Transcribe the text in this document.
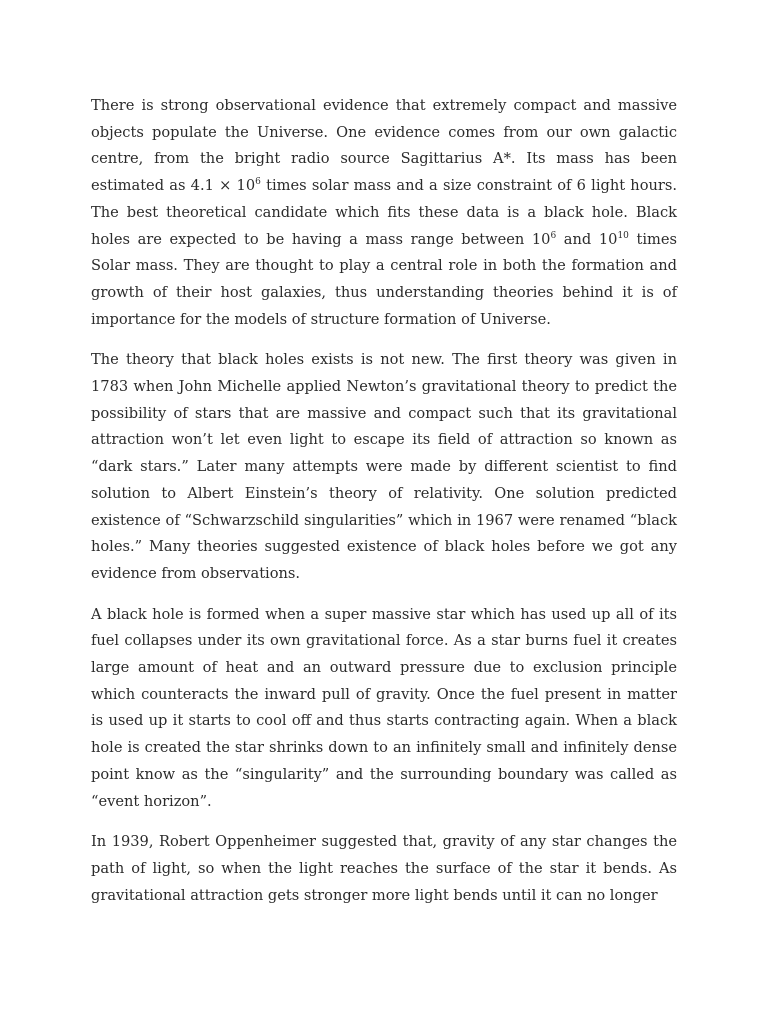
There is strong observational evidence that extremely compact and massive objects populate the Universe. One evidence comes from our own galactic centre, from the bright radio source Sagittarius A*. Its mass has been estimated as $4.1 \times 10^6$ times solar mass and a size constraint of 6 light hours. The best theoretical candidate which fits these data is a black hole. Black holes are expected to be having a mass range between $10^6$ and $10^{10}$ times Solar mass. They are thought to play a central role in both the formation and growth of their host galaxies, thus understanding theories behind it is of importance for the models of structure formation of Universe.

The theory that black holes exists is not new. The first theory was given in 1783 when John Michelle applied Newton’s gravitational theory to predict the possibility of stars that are massive and compact such that its gravitational attraction won’t let even light to escape its field of attraction so known as “dark stars.” Later many attempts were made by different scientist to find solution to Albert Einstein’s theory of relativity. One solution predicted existence of “Schwarzschild singularities” which in 1967 were renamed “black holes.” Many theories suggested existence of black holes before we got any evidence from observations.

A black hole is formed when a super massive star which has used up all of its fuel collapses under its own gravitational force. As a star burns fuel it creates large amount of heat and an outward pressure due to exclusion principle which counteracts the inward pull of gravity. Once the fuel present in matter is used up it starts to cool off and thus starts contracting again. When a black hole is created the star shrinks down to an infinitely small and infinitely dense point know as the “singularity” and the surrounding boundary was called as “event horizon”.

In 1939, Robert Oppenheimer suggested that, gravity of any star changes the path of light, so when the light reaches the surface of the star it bends. As gravitational attraction gets stronger more light bends until it can no longer
